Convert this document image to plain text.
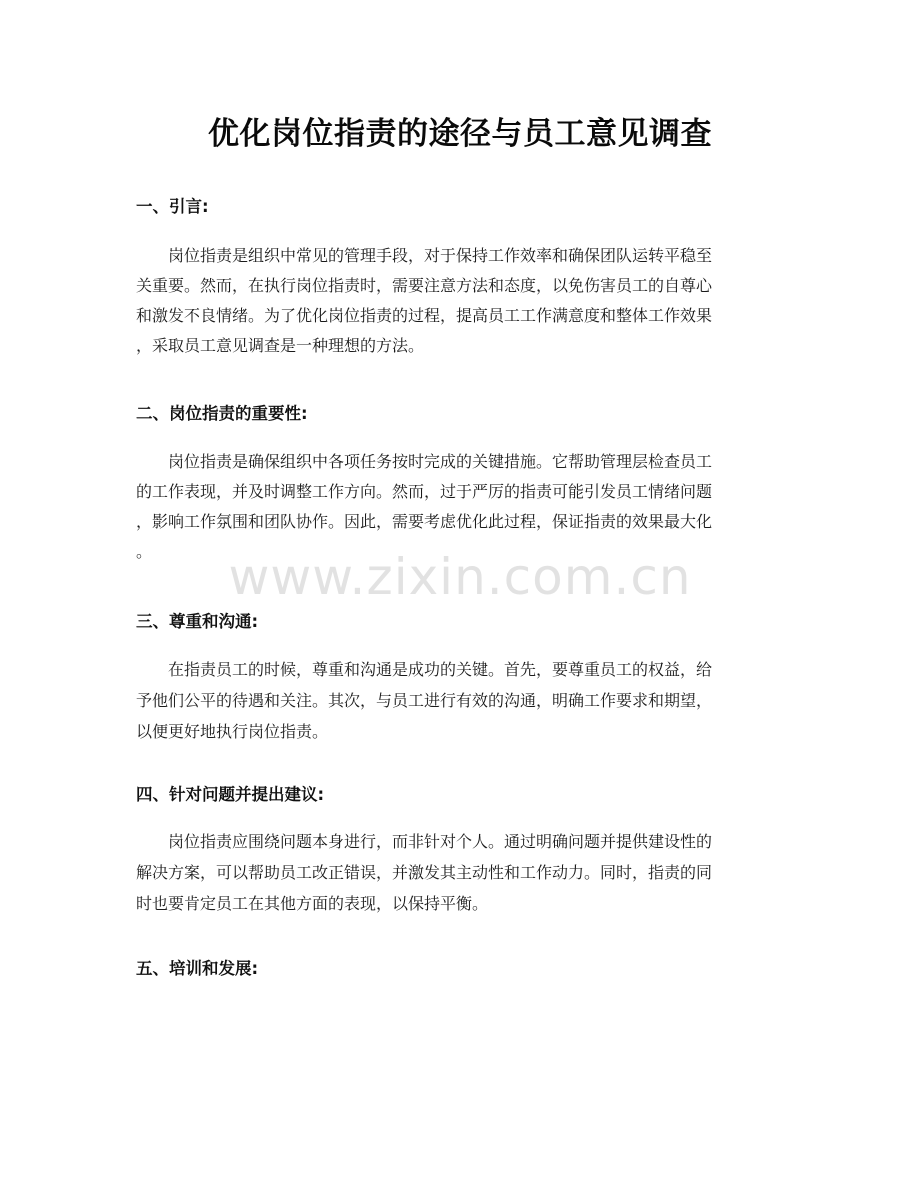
优化岗位指责的途径与员工意见调查
一、引言:
岗位指责是组织中常见的管理手段，对于保持工作效率和确保团队运转平稳至
关重要。然而，在执行岗位指责时，需要注意方法和态度，以免伤害员工的自尊心
和激发不良情绪。为了优化岗位指责的过程，提高员工工作满意度和整体工作效果
，采取员工意见调查是一种理想的方法。
二、岗位指责的重要性:
岗位指责是确保组织中各项任务按时完成的关键措施。它帮助管理层检查员工
的工作表现，并及时调整工作方向。然而，过于严厉的指责可能引发员工情绪问题
，影响工作氛围和团队协作。因此，需要考虑优化此过程，保证指责的效果最大化
。
三、尊重和沟通:
在指责员工的时候，尊重和沟通是成功的关键。首先，要尊重员工的权益，给
予他们公平的待遇和关注。其次，与员工进行有效的沟通，明确工作要求和期望，
以便更好地执行岗位指责。
四、针对问题并提出建议:
岗位指责应围绕问题本身进行，而非针对个人。通过明确问题并提供建设性的
解决方案，可以帮助员工改正错误，并激发其主动性和工作动力。同时，指责的同
时也要肯定员工在其他方面的表现，以保持平衡。
五、培训和发展:
www.zixin.com.cn
